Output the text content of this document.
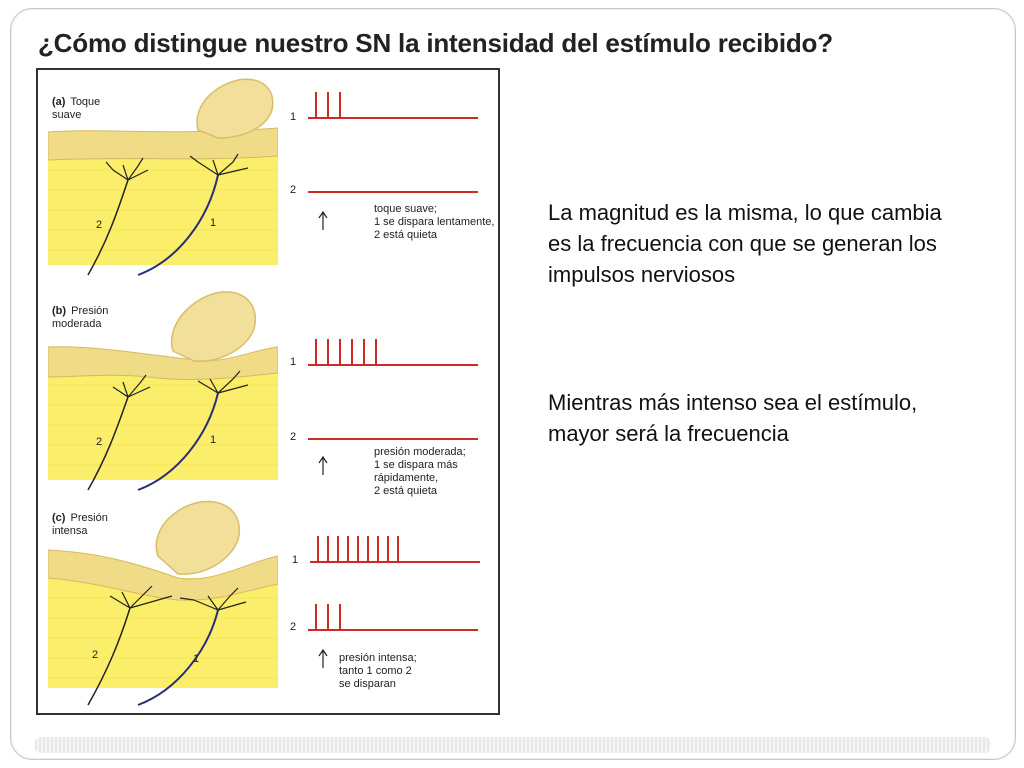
¿Cómo distingue nuestro SN la intensidad del estímulo recibido?
(a) Toque suave
2	1
1
2
toque suave;
1 se dispara lentamente,
2 está quieta
(b) Presión moderada
2	1
1
2
presión moderada;
1 se dispara más
rápidamente,
2 está quieta
(c) Presión intensa
2	1
1
2
presión intensa;
tanto 1 como 2
se disparan
La magnitud es la misma, lo que cambia es la frecuencia con que se generan los impulsos nerviosos
Mientras más intenso sea el estímulo, mayor será la frecuencia
